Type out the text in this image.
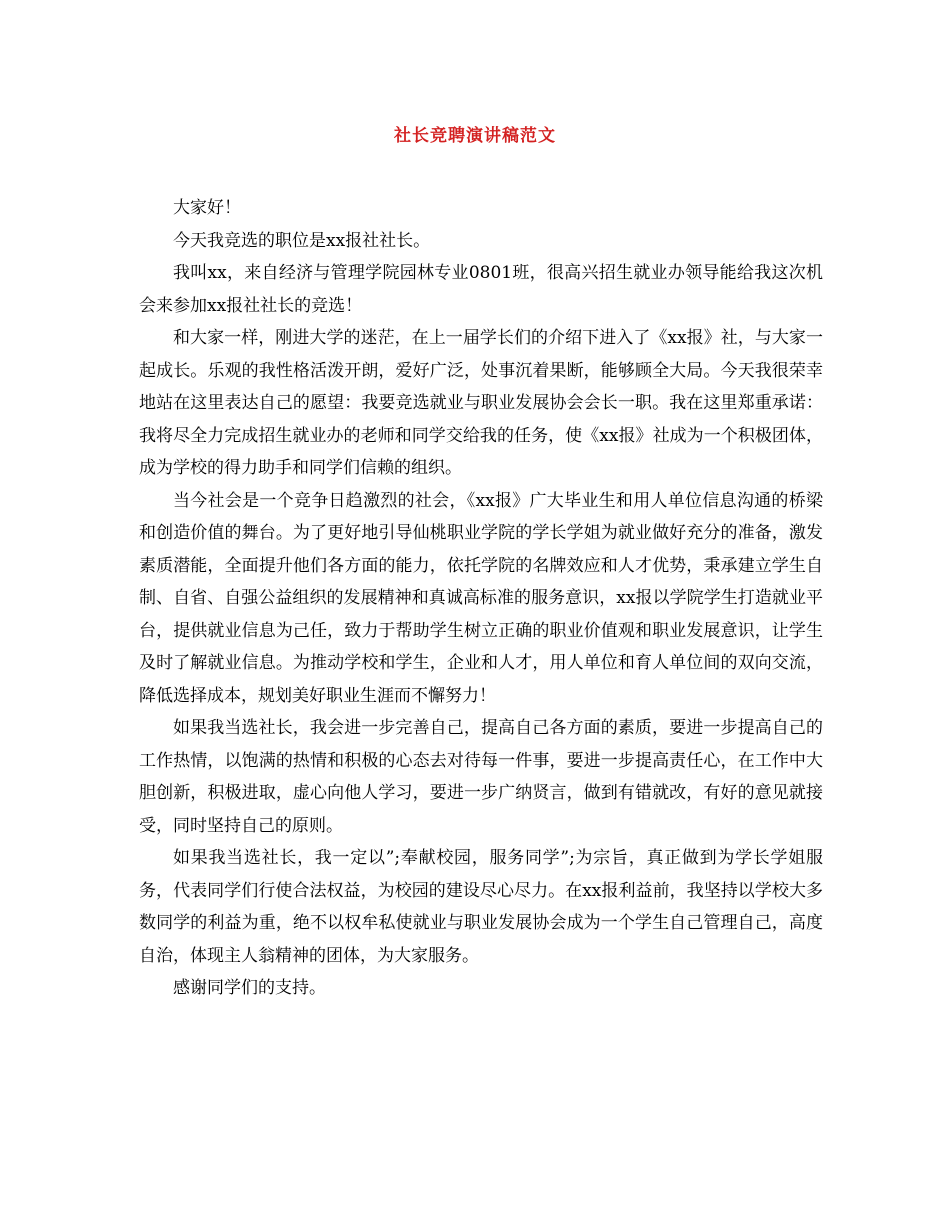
社长竞聘演讲稿范文

大家好！

今天我竞选的职位是xx报社社长。

我叫xx，来自经济与管理学院园林专业0801班，很高兴招生就业办领导能给我这次机会来参加xx报社社长的竞选！

和大家一样，刚进大学的迷茫，在上一届学长们的介绍下进入了《xx报》社，与大家一起成长。乐观的我性格活泼开朗，爱好广泛，处事沉着果断，能够顾全大局。今天我很荣幸地站在这里表达自己的愿望：我要竞选就业与职业发展协会会长一职。我在这里郑重承诺：我将尽全力完成招生就业办的老师和同学交给我的任务，使《xx报》社成为一个积极团体，成为学校的得力助手和同学们信赖的组织。

当今社会是一个竞争日趋激烈的社会，《xx报》广大毕业生和用人单位信息沟通的桥梁和创造价值的舞台。为了更好地引导仙桃职业学院的学长学姐为就业做好充分的准备，激发素质潜能，全面提升他们各方面的能力，依托学院的名牌效应和人才优势，秉承建立学生自制、自省、自强公益组织的发展精神和真诚高标准的服务意识，xx报以学院学生打造就业平台，提供就业信息为己任，致力于帮助学生树立正确的职业价值观和职业发展意识，让学生及时了解就业信息。为推动学校和学生，企业和人才，用人单位和育人单位间的双向交流，降低选择成本，规划美好职业生涯而不懈努力！

如果我当选社长，我会进一步完善自己，提高自己各方面的素质，要进一步提高自己的工作热情，以饱满的热情和积极的心态去对待每一件事，要进一步提高责任心，在工作中大胆创新，积极进取，虚心向他人学习，要进一步广纳贤言，做到有错就改，有好的意见就接受，同时坚持自己的原则。

如果我当选社长，我一定以”;奉献校园，服务同学”;为宗旨，真正做到为学长学姐服务，代表同学们行使合法权益，为校园的建设尽心尽力。在xx报利益前，我坚持以学校大多数同学的利益为重，绝不以权牟私使就业与职业发展协会成为一个学生自己管理自己，高度自治，体现主人翁精神的团体，为大家服务。

感谢同学们的支持。
